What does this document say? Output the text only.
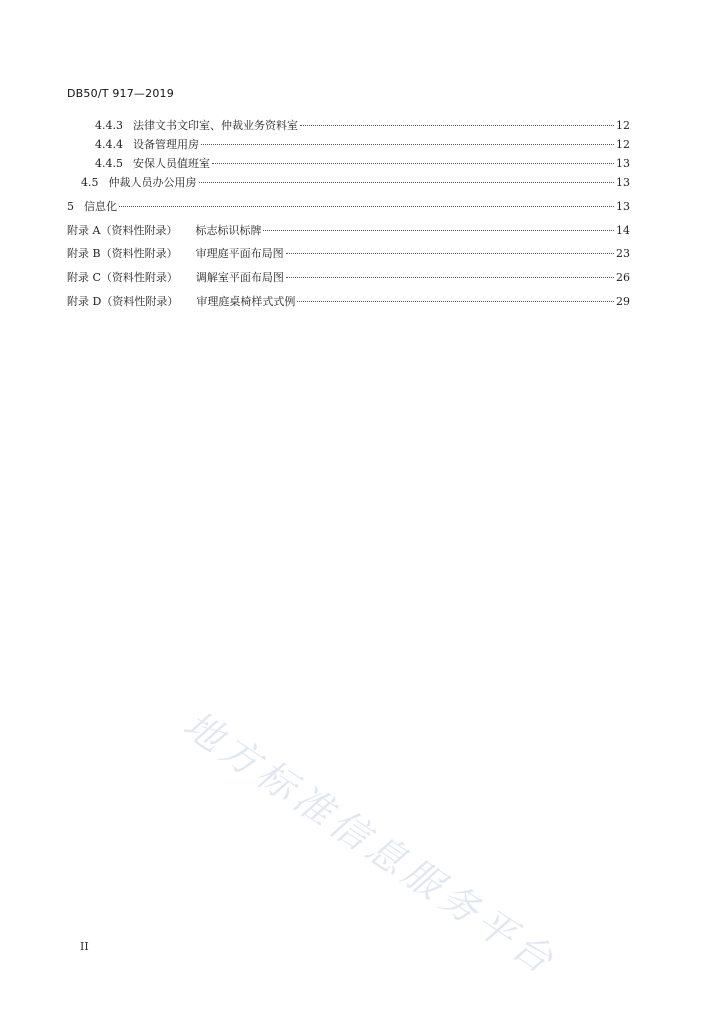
DB50/T 917—2019
4.4.3 法律文书文印室、仲裁业务资料室	12
4.4.4 设备管理用房	12
4.4.5 安保人员值班室	13
4.5 仲裁人员办公用房	13
5 信息化	13
附录 A（资料性附录） 标志标识标牌	14
附录 B（资料性附录） 审理庭平面布局图	23
附录 C（资料性附录） 调解室平面布局图	26
附录 D（资料性附录） 审理庭桌椅样式式例	29
地方标准信息服务平台
II
